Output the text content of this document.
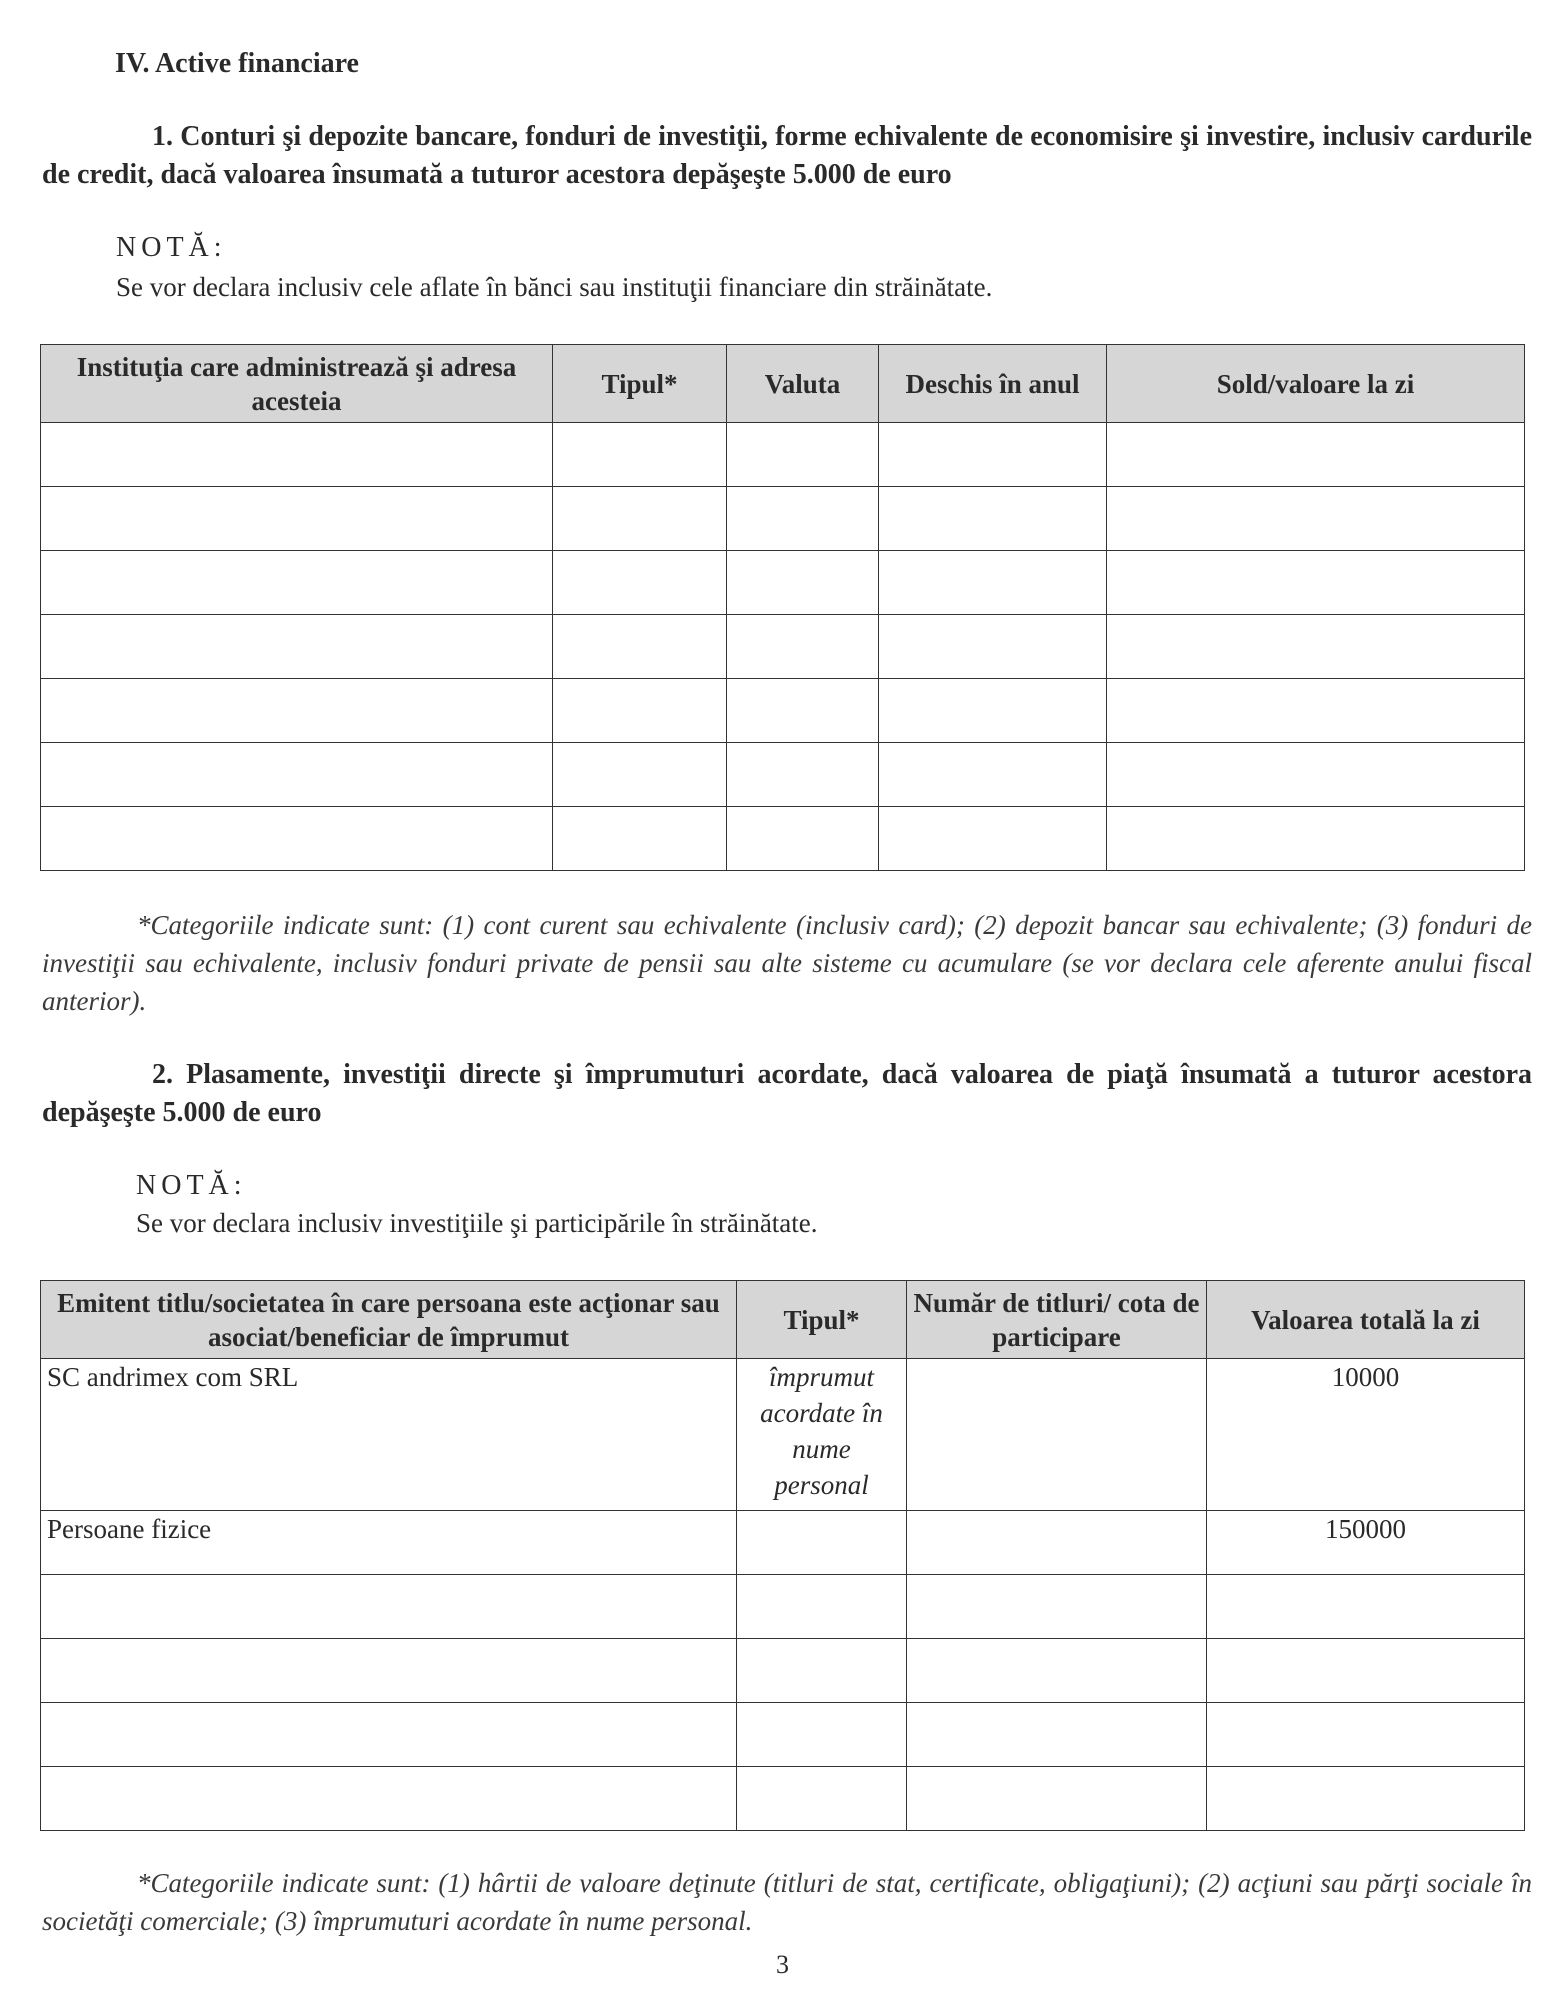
IV. Active financiare

1. Conturi şi depozite bancare, fonduri de investiţii, forme echivalente de economisire şi investire, inclusiv cardurile de credit, dacă valoarea însumată a tuturor acestora depăşeşte 5.000 de euro

NOTĂ:

Se vor declara inclusiv cele aflate în bănci sau instituţii financiare din străinătate.

Instituţia care administrează şi adresa acesteia	Tipul*	Valuta	Deschis în anul	Sold/valoare la zi

*Categoriile indicate sunt: (1) cont curent sau echivalente (inclusiv card); (2) depozit bancar sau echivalente; (3) fonduri de investiţii sau echivalente, inclusiv fonduri private de pensii sau alte sisteme cu acumulare (se vor declara cele aferente anului fiscal anterior).

2. Plasamente, investiţii directe şi împrumuturi acordate, dacă valoarea de piaţă însumată a tuturor acestora depăşeşte 5.000 de euro

NOTĂ:

Se vor declara inclusiv investiţiile şi participările în străinătate.

Emitent titlu/societatea în care persoana este acţionar sau asociat/beneficiar de împrumut	Tipul*	Număr de titluri/ cota de participare	Valoarea totală la zi
SC andrimex com SRL	împrumut acordate în nume personal		10000
Persoane fizice			150000

*Categoriile indicate sunt: (1) hârtii de valoare deţinute (titluri de stat, certificate, obligaţiuni); (2) acţiuni sau părţi sociale în societăţi comerciale; (3) împrumuturi acordate în nume personal.

3
